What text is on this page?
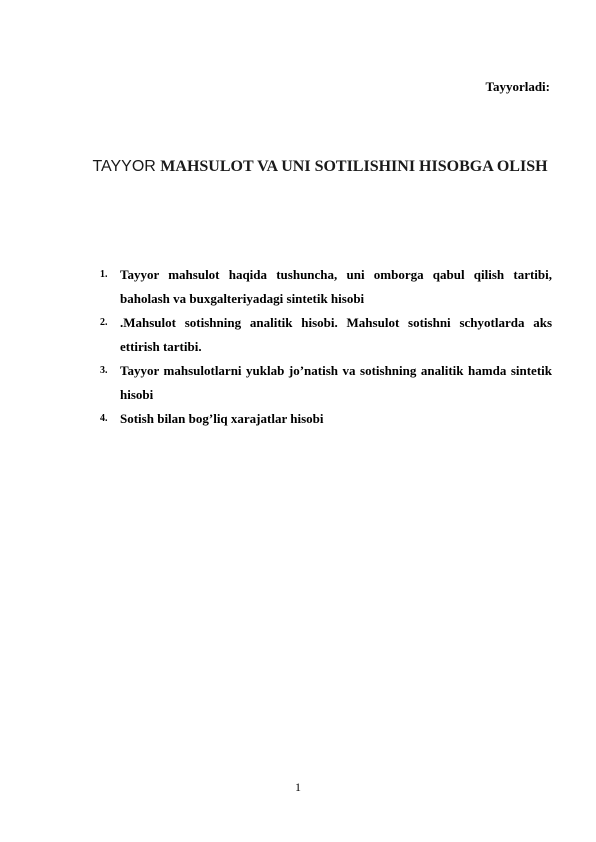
Tayyorladi:
TAYYOR MAHSULOT VA UNI SOTILISHINI HISOBGA OLISH
1. Tayyor mahsulot haqida tushuncha, uni omborga qabul qilish tartibi, baholash va buxgalteriyadagi sintetik hisobi
2. .Mahsulot sotishning analitik hisobi. Mahsulot sotishni schyotlarda aks ettirish tartibi.
3. Tayyor mahsulotlarni yuklab jo’natish va sotishning analitik hamda sintetik hisobi
4. Sotish bilan bog’liq xarajatlar hisobi
1
